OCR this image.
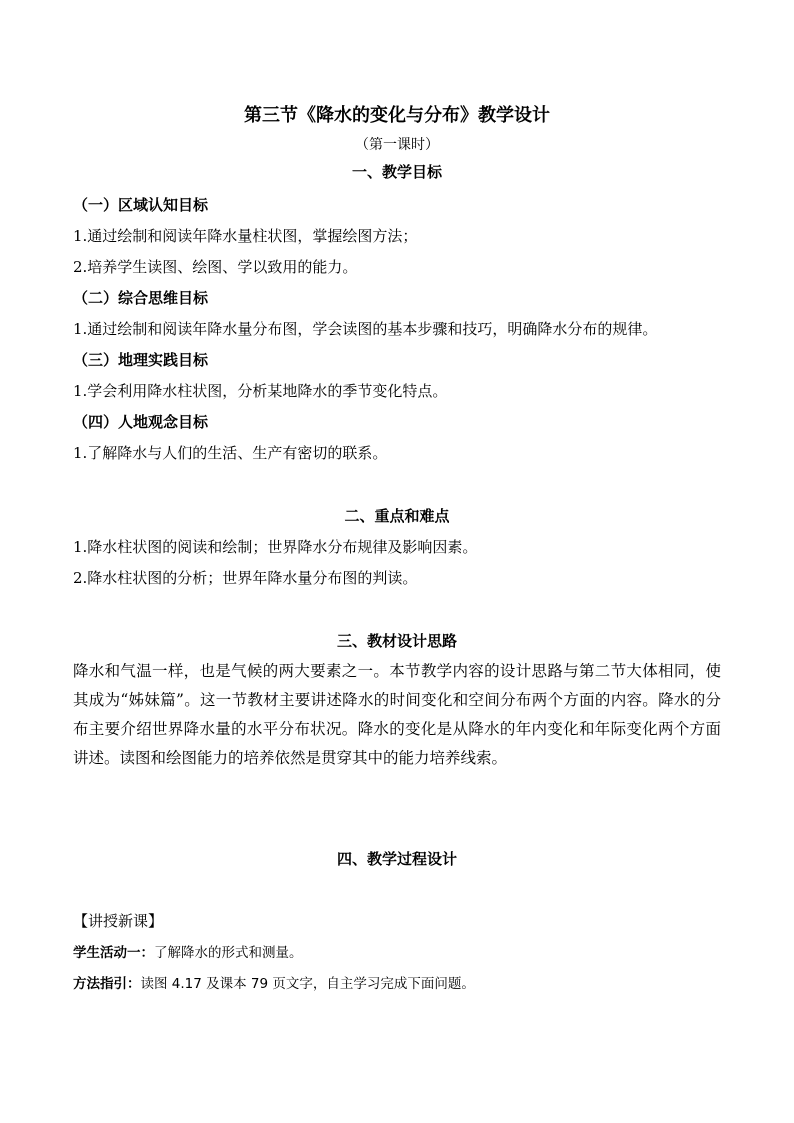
第三节《降水的变化与分布》教学设计
（第一课时）
一、教学目标
（一）区域认知目标
1.通过绘制和阅读年降水量柱状图，掌握绘图方法；
2.培养学生读图、绘图、学以致用的能力。
（二）综合思维目标
1.通过绘制和阅读年降水量分布图，学会读图的基本步骤和技巧，明确降水分布的规律。
（三）地理实践目标
1.学会利用降水柱状图，分析某地降水的季节变化特点。
（四）人地观念目标
1.了解降水与人们的生活、生产有密切的联系。
二、重点和难点
1.降水柱状图的阅读和绘制；世界降水分布规律及影响因素。
2.降水柱状图的分析；世界年降水量分布图的判读。
三、教材设计思路
降水和气温一样，也是气候的两大要素之一。本节教学内容的设计思路与第二节大体相同，使其成为“姊妹篇”。这一节教材主要讲述降水的时间变化和空间分布两个方面的内容。降水的分布主要介绍世界降水量的水平分布状况。降水的变化是从降水的年内变化和年际变化两个方面讲述。读图和绘图能力的培养依然是贯穿其中的能力培养线索。
四、教学过程设计
【讲授新课】
学生活动一：了解降水的形式和测量。
方法指引：读图 4.17 及课本 79 页文字，自主学习完成下面问题。
